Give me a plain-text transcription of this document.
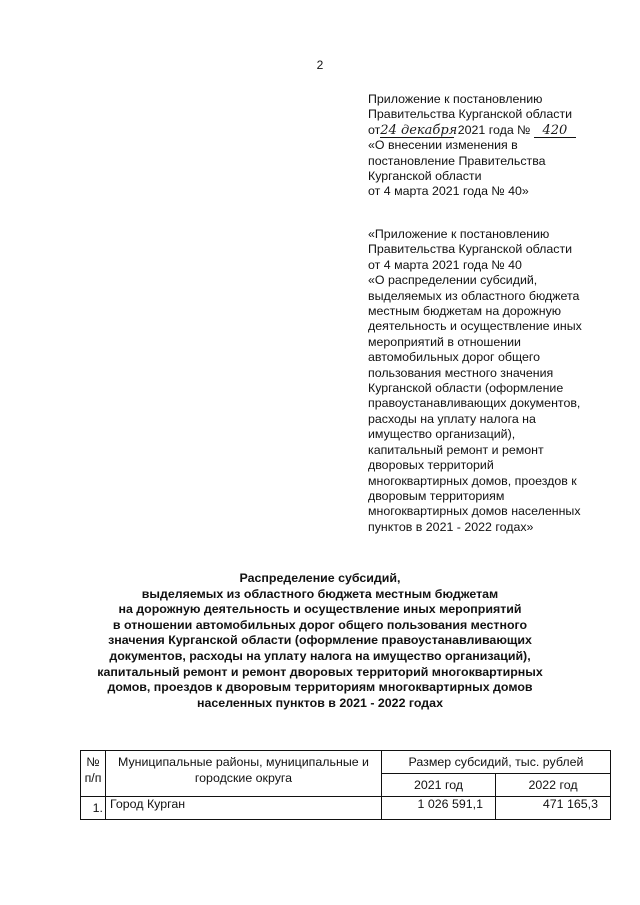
2

Приложение к постановлению

Правительства Курганской области

от24 декабря 2021 года № 420

«О внесении изменения в

постановление Правительства

Курганской области

от 4 марта 2021 года № 40»

«Приложение к постановлению

Правительства Курганской области

от 4 марта 2021 года № 40

«О распределении субсидий,

выделяемых из областного бюджета

местным бюджетам на дорожную

деятельность и осуществление иных

мероприятий в отношении

автомобильных дорог общего

пользования местного значения

Курганской области (оформление

правоустанавливающих документов,

расходы на уплату налога на

имущество организаций),

капитальный ремонт и ремонт

дворовых территорий

многоквартирных домов, проездов к

дворовым территориям

многоквартирных домов населенных

пунктов в 2021 - 2022 годах»

Распределение субсидий,

выделяемых из областного бюджета местным бюджетам

на дорожную деятельность и осуществление иных мероприятий

в отношении автомобильных дорог общего пользования местного

значения Курганской области (оформление правоустанавливающих

документов, расходы на уплату налога на имущество организаций),

капитальный ремонт и ремонт дворовых территорий многоквартирных

домов, проездов к дворовым территориям многоквартирных домов

населенных пунктов в 2021 - 2022 годах

№ п/п	Муниципальные районы, муниципальные и городские округа	Размер субсидий, тыс. рублей	
		2021 год	2022 год
1.	Город Курган	1 026 591,1	471 165,3
